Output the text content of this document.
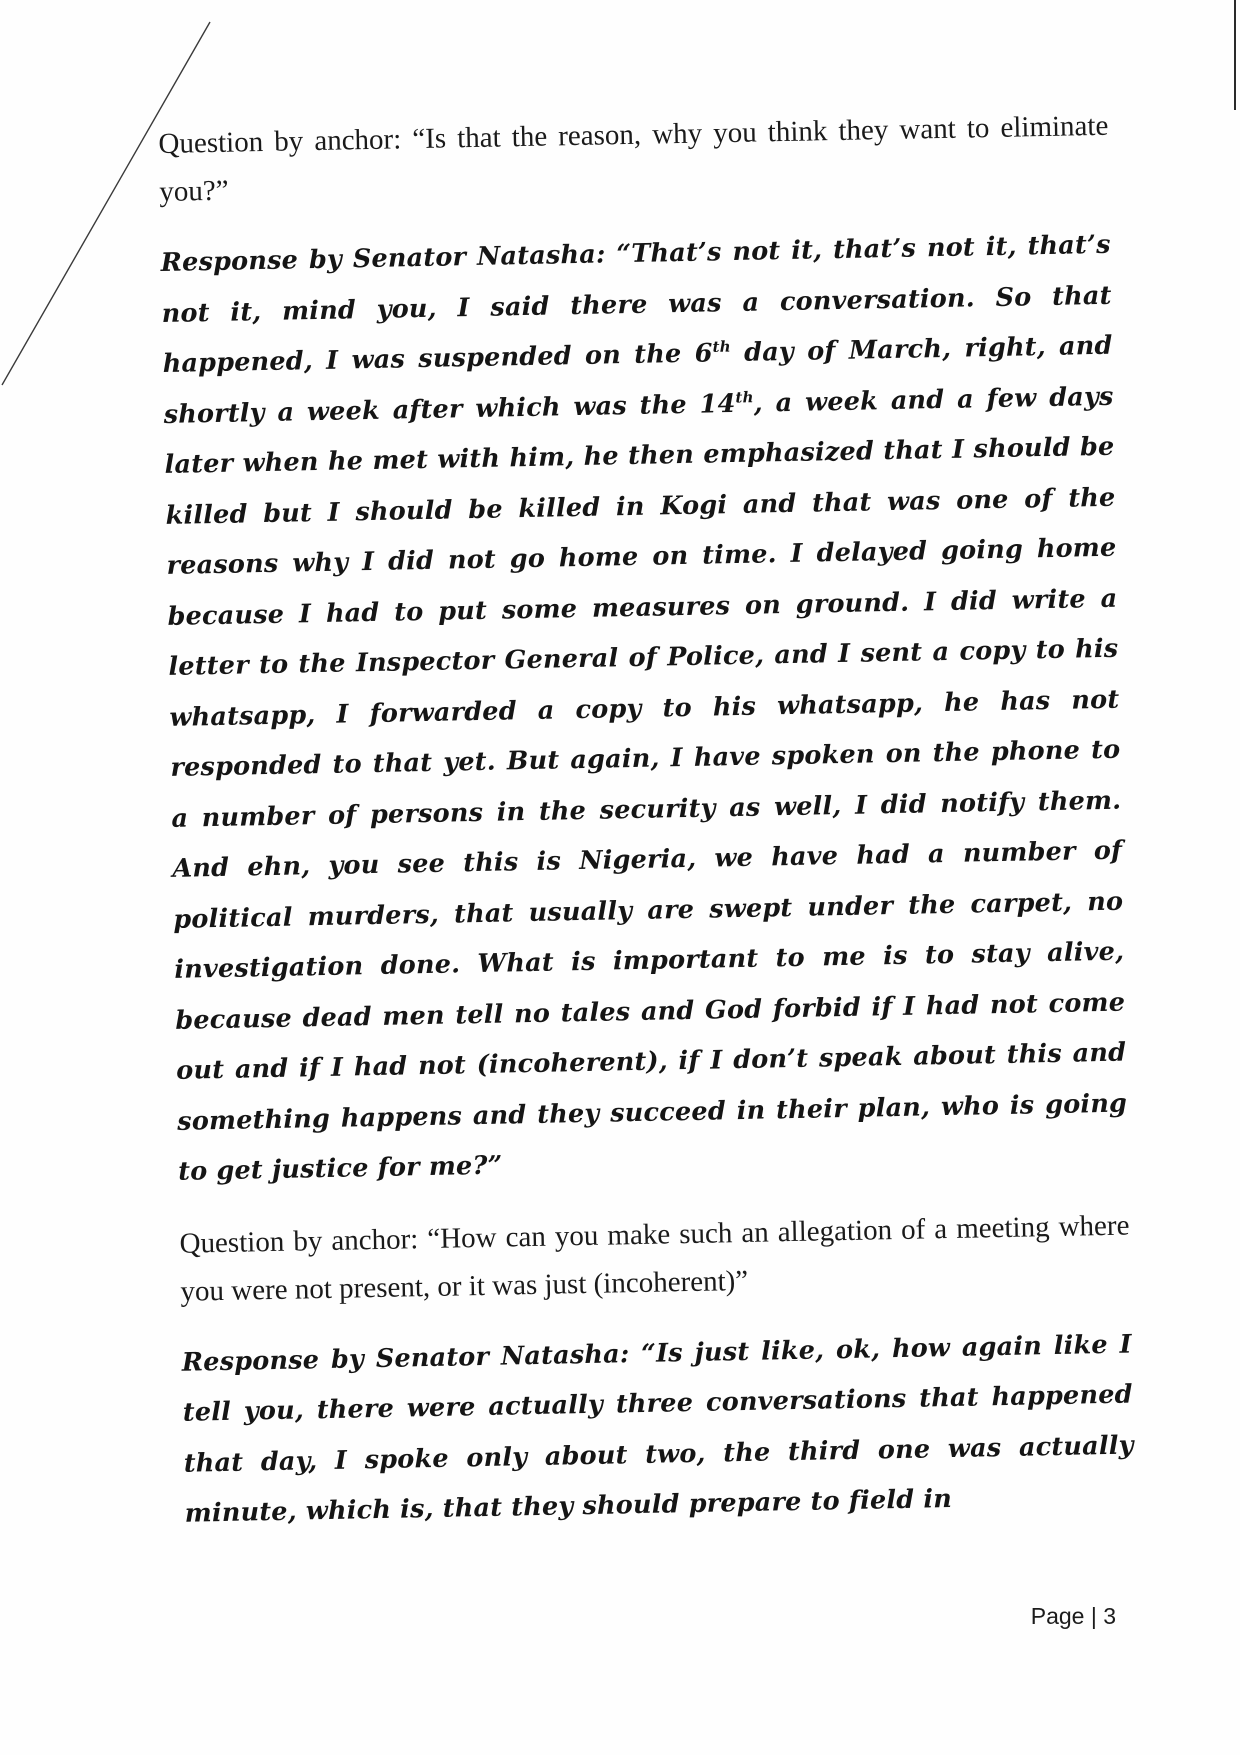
Question by anchor: “Is that the reason, why you think they want to eliminate you?”

Response by Senator Natasha: “That’s not it, that’s not it, that’s not it, mind you, I said there was a conversation. So that happened, I was suspended on the 6th day of March, right, and shortly a week after which was the 14th, a week and a few days later when he met with him, he then emphasized that I should be killed but I should be killed in Kogi and that was one of the reasons why I did not go home on time. I delayed going home because I had to put some measures on ground. I did write a letter to the Inspector General of Police, and I sent a copy to his whatsapp, I forwarded a copy to his whatsapp, he has not responded to that yet. But again, I have spoken on the phone to a number of persons in the security as well, I did notify them. And ehn, you see this is Nigeria, we have had a number of political murders, that usually are swept under the carpet, no investigation done. What is important to me is to stay alive, because dead men tell no tales and God forbid if I had not come out and if I had not (incoherent), if I don’t speak about this and something happens and they succeed in their plan, who is going to get justice for me?”

Question by anchor: “How can you make such an allegation of a meeting where you were not present, or it was just (incoherent)”

Response by Senator Natasha: “Is just like, ok, how again like I tell you, there were actually three conversations that happened that day, I spoke only about two, the third one was actually minute, which is, that they should prepare to field in

Page | 3
